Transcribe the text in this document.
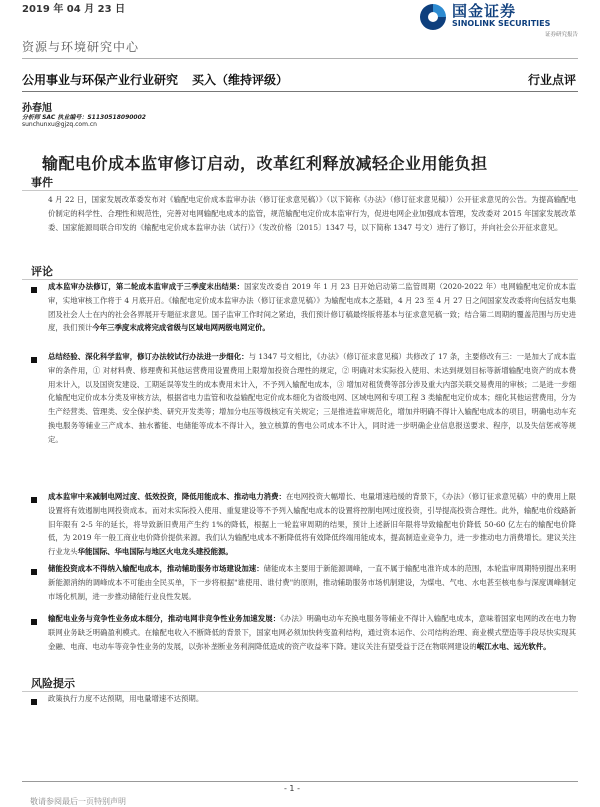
2019 年 04 月 23 日	国金证券
SINOLINK SECURITIES
证券研究报告
资源与环境研究中心
公用事业与环保产业行业研究 买入（维持评级）	行业点评
孙春旭
分析师 SAC 执业编号：S1130518090002
sunchunxu@gjzq.com.cn
输配电价成本监审修订启动，改革红利释放减轻企业用能负担
事件

4 月 22 日，国家发展改革委发布对《输配电定价成本监审办法（修订征求意见稿）》（以下简称《办法》（修订征求意见稿））公开征求意见的公告。为提高输配电价制定的科学性、合理性和规范性，完善对电网输配电成本的监管，规范输配电定价成本监审行为，促进电网企业加强成本管理，发改委对 2015 年国家发展改革委、国家能源局联合印发的《输配电定价成本监审办法（试行）》（发改价格〔2015〕1347 号，以下简称 1347 号文）进行了修订，并向社会公开征求意见。

评论

成本监审办法修订，第二轮成本监审成于三季度末出结果：国家发改委自 2019 年 1 月 23 日开始启动第二监管周期（2020-2022 年）电网输配电定价成本监审，实地审核工作将于 4 月底开启。《输配电定价成本监审办法（修订征求意见稿）》为输配电成本之基础，4 月 23 至 4 月 27 日之间国家发改委将向包括发电集团及社会人士在内的社会各界展开专题征求意见。国子监审工作时间之紧迫，我们预计修订稿最终版将基本与征求意见稿一致；结合第二周期的覆盖范围与历史进度，我们预计今年三季度末成将完成省级与区域电网两级电网定价。

总结经验、深化科学监审，修订办法较试行办法进一步细化：与 1347 号文相比，《办法》（修订征求意见稿）共修改了 17 条，主要修改有三：一是加大了成本监审的条件用，① 对材料费、修理费和其他运营费用设置费用上限增加投资合理性的规定，② 明确对未实际投入使用、未达到规划目标等新增输配电资产的成本费用未计入，以及国资发建设、工期延误等发生的成本费用未计入，不予列入输配电成本，③ 增加对租赁费等部分涉及重大内部关联交易费用的审核；二是进一步细化输配电定价成本分类及审核方法，根据省电力监管和收益输配电定价成本细化为省级电网、区域电网和专项工程 3 类输配电定价成本；细化其他运营费用，分为生产经营类、管理类、安全保护类、研究开发类等；增加分电压等级核定有关规定；三是推进监审规范化，增加并明确不得计入输配电成本的项目，明确电动车充换电服务等辅业三产成本、抽水蓄能、电储能等成本不得计入，独立核算的售电公司成本不计入，同时进一步明确企业信息报送要求、程序，以及失信惩戒等规定。

成本监审中来减制电网过度、低效投资，降低用能成本、推动电力消费：在电网投资大幅增长、电量增速趋缓的背景下，《办法》（修订征求意见稿）中的费用上限设置将有效遏制电网投资成本。而对未实际投入使用、重复建设等不予列入输配电成本的设置将控制电网过度投资，引导提高投资合理性。此外，输配电价线路新旧年限有 2-5 年的延长，将导致新旧费用产生约 1%的降低，根据上一轮监审周期的结果，预计上述新旧年限将导致输配电价降低 50-60 亿左右的输配电价降低，为 2019 年一般工商业电价降价提供来源。我们认为输配电成本不断降低将有效降低终端用能成本，提高制造业竞争力，进一步推动电力消费增长。建议关注行业龙头华能国际、华电国际与地区火电龙头建投能源。

储能投资成本不得纳入输配电成本，推动辅助服务市场建设加速：储能成本主要用于新能源调峰，一直不属于输配电准许成本的范围，本轮监审周期特别提出来明新能源消纳的调峰成本不可能由全民买单，下一步将根据"谁使用、谁付费"的原则，推动辅助服务市场机制建设，为煤电、气电、水电甚至核电参与深度调峰制定市场化机制，进一步推动储能行业良性发展。

输配电业务与竞争性业务成本细分，推动电网非竞争性业务加速发展：《办法》明确电动车充换电服务等辅业不得计入输配电成本，意味着国家电网的改在电力物联网业务缺乏明确盈利模式。在输配电收入不断降低的背景下，国家电网必须加快转变盈利结构，通过资本运作、公司结构治理、商业模式塑造等手段尽快实现其金融、电商、电动车等竞争性业务的发展，以弥补垄断业务利润降低造成的资产收益率下降。建议关注有望受益于泛在物联网建设的岷江水电、远光软件。

风险提示

政策执行力度不达预期，用电量增速不达预期。

- 1 -
敬请参阅最后一页特别声明
